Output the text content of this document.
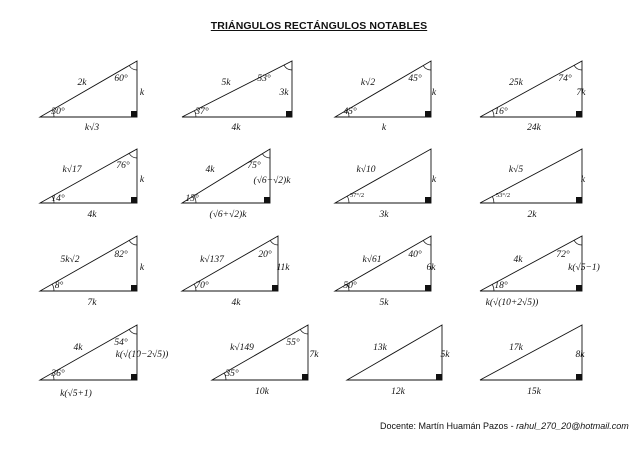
TRIÁNGULOS RECTÁNGULOS NOTABLES
2k
k
k√3
30°
60°	5k
3k
4k
37°
53°	k√2
k
k
45°
45°	25k
7k
24k
16°
74°
k√17
k
4k
14°
76°	4k
(√6−√2)k
(√6+√2)k
15°
75°	k√10
k
3k
37°/2
k√5
k
2k
53°/2
5k√2
k
7k
8°
82°	k√137
11k
4k
70°
20°	k√61
6k
5k
50°
40°	4k
k(√5−1)
k(√(10+2√5))
18°
72°
4k
k(√(10−2√5))
k(√5+1)
36°
54°	k√149
7k
10k
35°
55°	13k
5k
12k
17k
8k
15k
Docente: Martín Huamán Pazos - rahul_270_20@hotmail.com
